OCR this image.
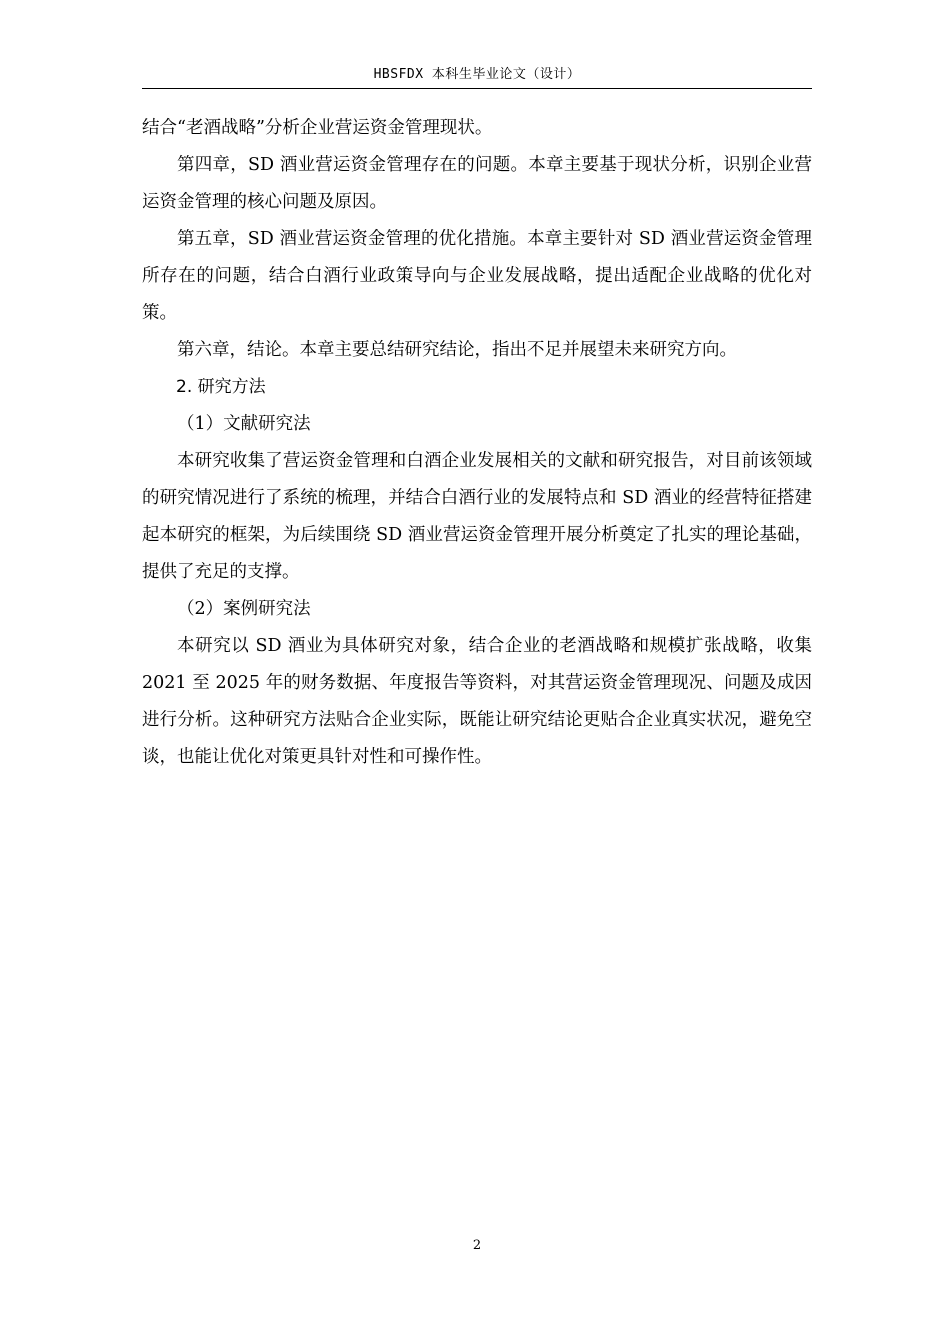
HBSFDX 本科生毕业论文（设计）

结合“老酒战略”分析企业营运资金管理现状。

第四章，SD 酒业营运资金管理存在的问题。本章主要基于现状分析，识别企业营运资金管理的核心问题及原因。

第五章，SD 酒业营运资金管理的优化措施。本章主要针对 SD 酒业营运资金管理所存在的问题，结合白酒行业政策导向与企业发展战略，提出适配企业战略的优化对策。

第六章，结论。本章主要总结研究结论，指出不足并展望未来研究方向。

2. 研究方法

（1）文献研究法

本研究收集了营运资金管理和白酒企业发展相关的文献和研究报告，对目前该领域的研究情况进行了系统的梳理，并结合白酒行业的发展特点和 SD 酒业的经营特征搭建起本研究的框架，为后续围绕 SD 酒业营运资金管理开展分析奠定了扎实的理论基础，提供了充足的支撑。

（2）案例研究法

本研究以 SD 酒业为具体研究对象，结合企业的老酒战略和规模扩张战略，收集 2021 至 2025 年的财务数据、年度报告等资料，对其营运资金管理现况、问题及成因进行分析。这种研究方法贴合企业实际，既能让研究结论更贴合企业真实状况，避免空谈，也能让优化对策更具针对性和可操作性。

2
